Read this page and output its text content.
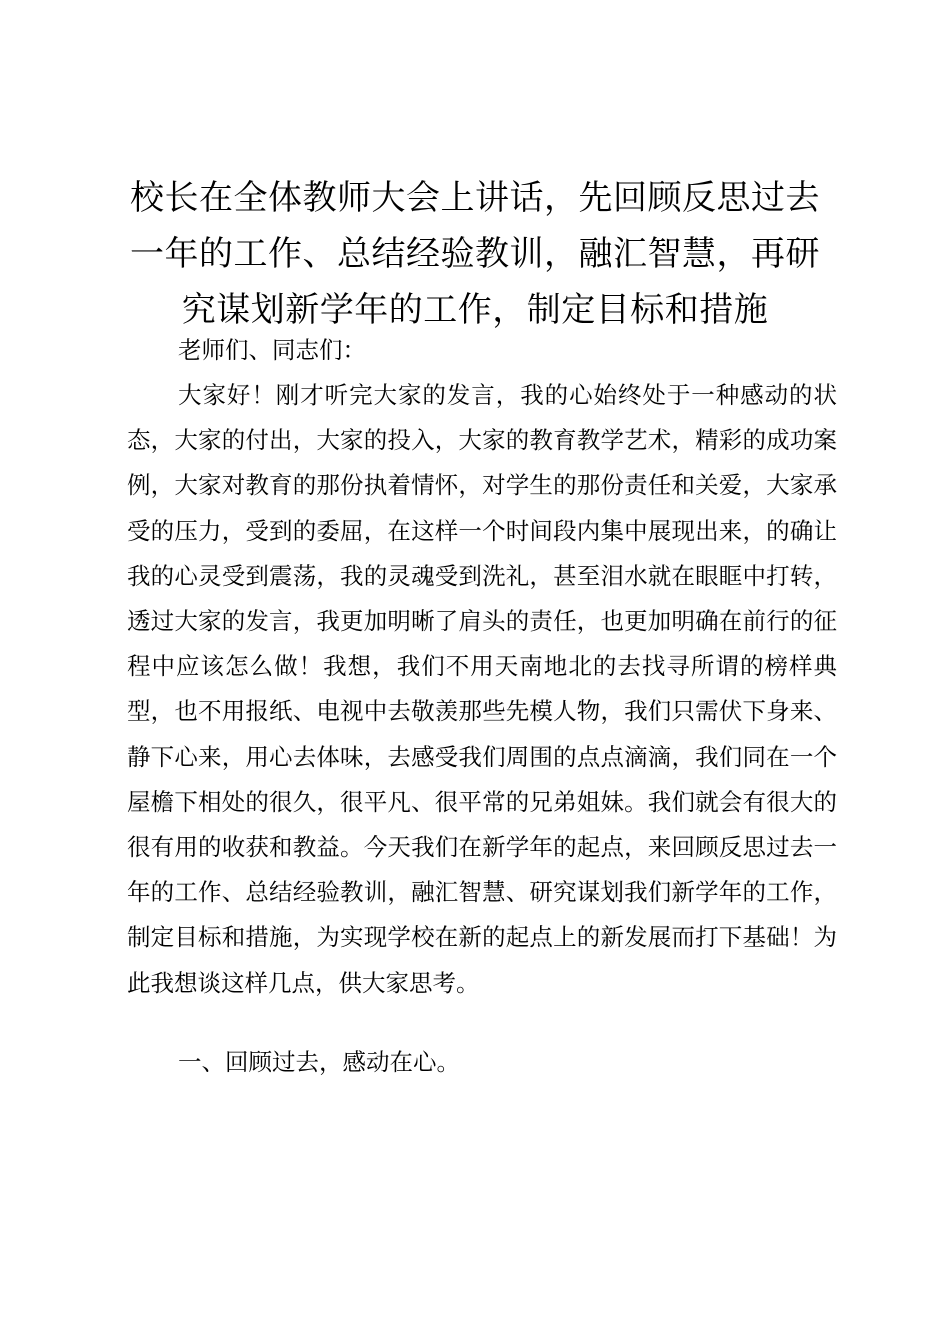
校长在全体教师大会上讲话，先回顾反思过去
一年的工作、总结经验教训，融汇智慧，再研
究谋划新学年的工作，制定目标和措施
老师们、同志们：
大家好！刚才听完大家的发言，我的心始终处于一种感动的状态，大家的付出，大家的投入，大家的教育教学艺术，精彩的成功案例，大家对教育的那份执着情怀，对学生的那份责任和关爱，大家承受的压力，受到的委屈，在这样一个时间段内集中展现出来，的确让我的心灵受到震荡，我的灵魂受到洗礼，甚至泪水就在眼眶中打转，透过大家的发言，我更加明晰了肩头的责任，也更加明确在前行的征程中应该怎么做！我想，我们不用天南地北的去找寻所谓的榜样典型，也不用报纸、电视中去敬羡那些先模人物，我们只需伏下身来、静下心来，用心去体味，去感受我们周围的点点滴滴，我们同在一个屋檐下相处的很久，很平凡、很平常的兄弟姐妹。我们就会有很大的很有用的收获和教益。今天我们在新学年的起点，来回顾反思过去一年的工作、总结经验教训，融汇智慧、研究谋划我们新学年的工作，制定目标和措施，为实现学校在新的起点上的新发展而打下基础！为此我想谈这样几点，供大家思考。
一、回顾过去，感动在心。
